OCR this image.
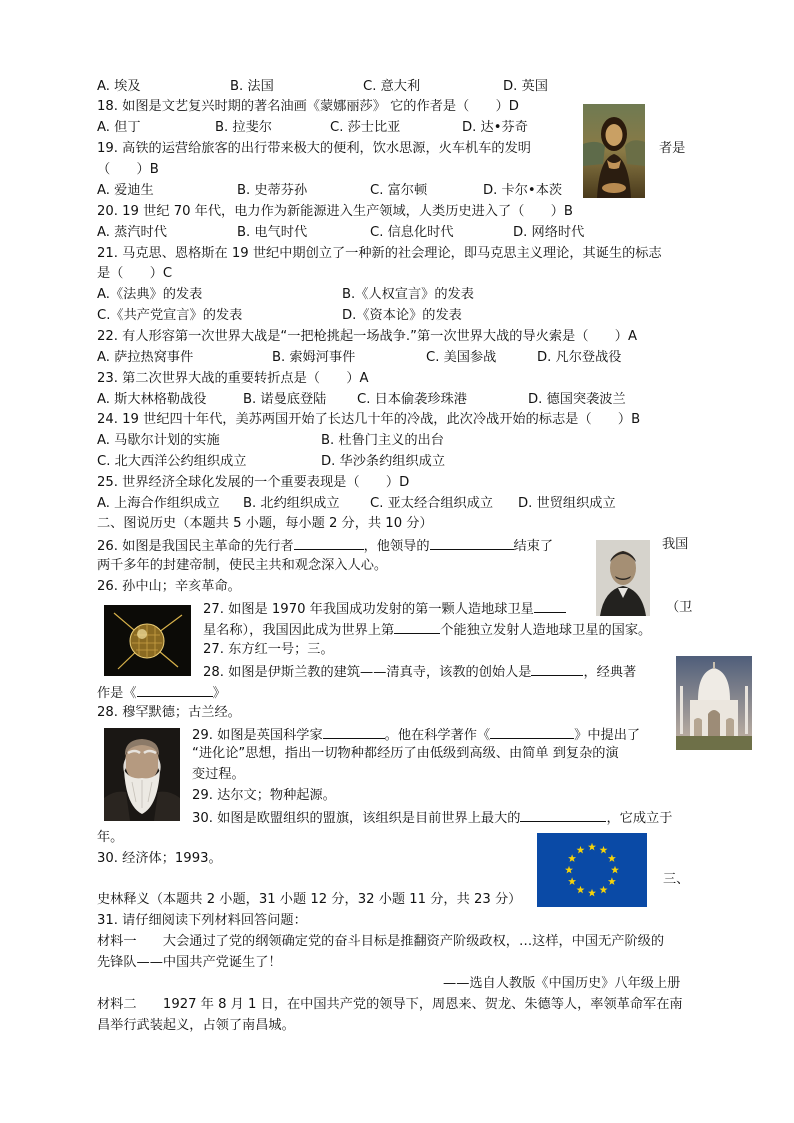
A. 埃及	B. 法国	C. 意大利	D. 英国
18. 如图是文艺复兴时期的著名油画《蒙娜丽莎》 它的作者是（　　）D
A. 但丁	B. 拉斐尔	C. 莎士比亚	D. 达•芬奇
19. 高铁的运营给旅客的出行带来极大的便利，饮水思源，火车机车的发明	者是
（　　）B
A. 爱迪生	B. 史蒂芬孙	C. 富尔顿	D. 卡尔•本茨
20. 19 世纪 70 年代，电力作为新能源进入生产领域，人类历史进入了（　　）B
A. 蒸汽时代	B. 电气时代	C. 信息化时代	D. 网络时代
21. 马克思、恩格斯在 19 世纪中期创立了一种新的社会理论，即马克思主义理论，其诞生的标志
是（　　）C
A.《法典》的发表	B.《人权宣言》的发表
C.《共产党宣言》的发表	D.《资本论》的发表
22. 有人形容第一次世界大战是“一把枪挑起一场战争.”第一次世界大战的导火索是（　　）A
A. 萨拉热窝事件	B. 索姆河事件	C. 美国参战	D. 凡尔登战役
23. 第二次世界大战的重要转折点是（　　）A
A. 斯大林格勒战役	B. 诺曼底登陆 C. 日本偷袭珍珠港	D. 德国突袭波兰
24. 19 世纪四十年代，美苏两国开始了长达几十年的冷战，此次冷战开始的标志是（　　）B
A. 马歇尔计划的实施	B. 杜鲁门主义的出台
C. 北大西洋公约组织成立	D. 华沙条约组织成立
25. 世界经济全球化发展的一个重要表现是（　　）D
A. 上海合作组织成立 B. 北约组织成立 C. 亚太经合组织成立 D. 世贸组织成立
二、图说历史（本题共 5 小题，每小题 2 分，共 10 分）
26. 如图是我国民主革命的先行者	，他领导的	结束了	我国
两千多年的封建帝制，使民主共和观念深入人心。
26. 孙中山；辛亥革命。
27. 如图是 1970 年我国成功发射的第一颗人造地球卫星	（卫
星名称），我国因此成为世界上第	个能独立发射人造地球卫星的国家。
27. 东方红一号；三。
28. 如图是伊斯兰教的建筑——清真寺，该教的创始人是	，经典著
作是《	》
28. 穆罕默德；古兰经。
29. 如图是英国科学家	。他在科学著作《	》中提出了
“进化论”思想，指出一切物种都经历了由低级到高级、由简单 到复杂的演
变过程。
29. 达尔文；物种起源。
30. 如图是欧盟组织的盟旗，该组织是目前世界上最大的	，它成立于
年。
30. 经济体；1993。
三、
史林释义（本题共 2 小题，31 小题 12 分，32 小题 11 分，共 23 分）
31. 请仔细阅读下列材料回答问题：
材料一　　大会通过了党的纲领确定党的奋斗目标是推翻资产阶级政权，…这样，中国无产阶级的
先锋队——中国共产党诞生了！
——选自人教版《中国历史》八年级上册
材料二　　1927 年 8 月 1 日，在中国共产党的领导下，周恩来、贺龙、朱德等人，率领革命军在南
昌举行武装起义，占领了南昌城。
